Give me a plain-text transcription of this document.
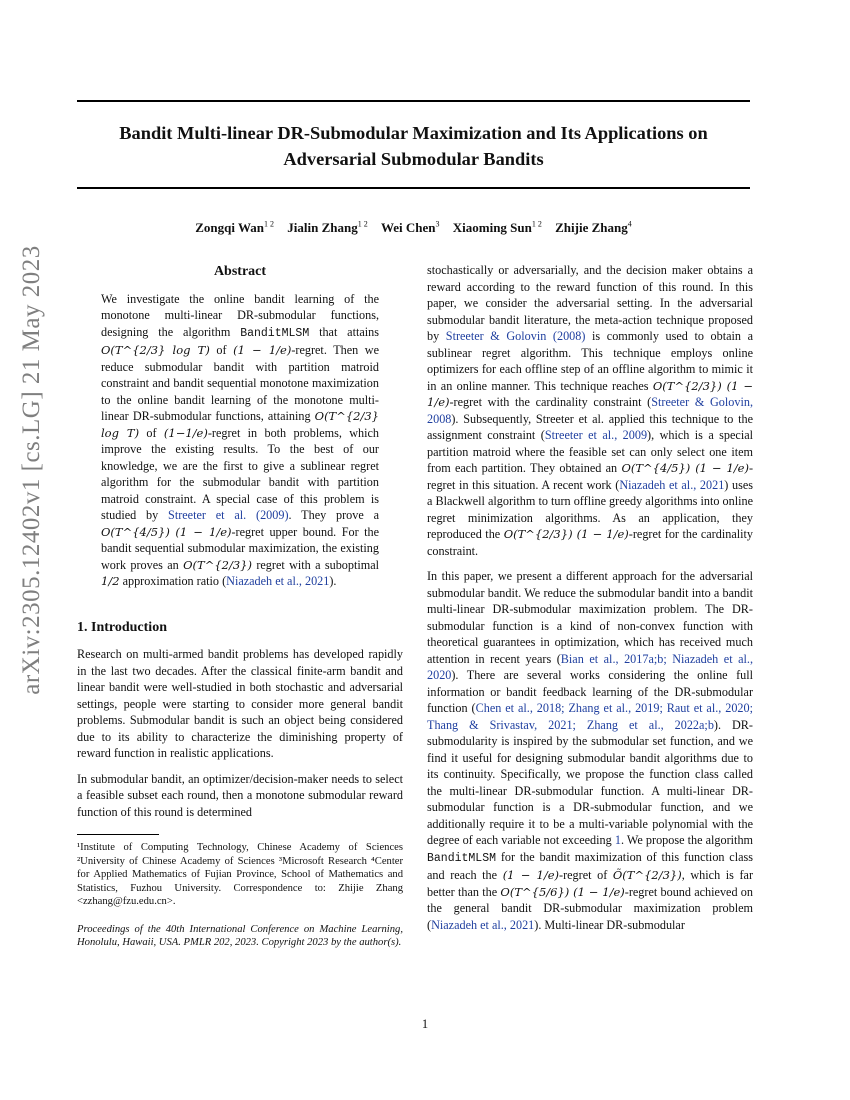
Bandit Multi-linear DR-Submodular Maximization and Its Applications on Adversarial Submodular Bandits
Zongqi Wan$^{1 2}$ Jialin Zhang$^{1 2}$ Wei Chen$^3$ Xiaoming Sun$^{1 2}$ Zhijie Zhang$^4$
arXiv:2305.12402v1 [cs.LG] 21 May 2023	Abstract
We investigate the online bandit learning of the monotone multi-linear DR-submodular functions, designing the algorithm BanditMLSM that attains O(T^{2/3} log T) of (1 − 1/e)-regret. Then we reduce submodular bandit with partition matroid constraint and bandit sequential monotone maximization to the online bandit learning of the monotone multi-linear DR-submodular functions, attaining O(T^{2/3} log T) of (1−1/e)-regret in both problems, which improve the existing results. To the best of our knowledge, we are the first to give a sublinear regret algorithm for the submodular bandit with partition matroid constraint. A special case of this problem is studied by Streeter et al. (2009). They prove a O(T^{4/5}) (1 − 1/e)-regret upper bound. For the bandit sequential submodular maximization, the existing work proves an O(T^{2/3}) regret with a suboptimal 1/2 approximation ratio (Niazadeh et al., 2021).
1. Introduction

Research on multi-armed bandit problems has developed rapidly in the last two decades. After the classical finite-arm bandit and linear bandit were well-studied in both stochastic and adversarial settings, people were starting to consider more general bandit problems. Submodular bandit is such an object being considered due to its ability to characterize the diminishing property of reward function in realistic applications.

In submodular bandit, an optimizer/decision-maker needs to select a feasible subset each round, then a monotone submodular reward function of this round is determined

¹Institute of Computing Technology, Chinese Academy of Sciences ²University of Chinese Academy of Sciences ³Microsoft Research ⁴Center for Applied Mathematics of Fujian Province, School of Mathematics and Statistics, Fuzhou University. Correspondence to: Zhijie Zhang <zzhang@fzu.edu.cn>.
Proceedings of the 40th International Conference on Machine Learning, Honolulu, Hawaii, USA. PMLR 202, 2023. Copyright 2023 by the author(s).

stochastically or adversarially, and the decision maker obtains a reward according to the reward function of this round. In this paper, we consider the adversarial setting. In the adversarial submodular bandit literature, the meta-action technique proposed by Streeter & Golovin (2008) is commonly used to obtain a sublinear regret algorithm. This technique employs online optimizers for each offline step of an offline algorithm to mimic it in an online manner. This technique reaches O(T^{2/3}) (1 − 1/e)-regret with the cardinality constraint (Streeter & Golovin, 2008). Subsequently, Streeter et al. applied this technique to the assignment constraint (Streeter et al., 2009), which is a special partition matroid where the feasible set can only select one item from each partition. They obtained an O(T^{4/5}) (1 − 1/e)-regret in this situation. A recent work (Niazadeh et al., 2021) uses a Blackwell algorithm to turn offline greedy algorithms into online regret minimization algorithms. As an application, they reproduced the O(T^{2/3}) (1 − 1/e)-regret for the cardinality constraint.

In this paper, we present a different approach for the adversarial submodular bandit. We reduce the submodular bandit into a bandit multi-linear DR-submodular maximization problem. The DR-submodular function is a kind of non-convex function with theoretical guarantees in optimization, which has received much attention in recent years (Bian et al., 2017a;b; Niazadeh et al., 2020). There are several works considering the online full information or bandit feedback learning of the DR-submodular function (Chen et al., 2018; Zhang et al., 2019; Raut et al., 2020; Thang & Srivastav, 2021; Zhang et al., 2022a;b). DR-submodularity is inspired by the submodular set function, and we find it useful for designing submodular bandit algorithms due to its continuity. Specifically, we propose the function class called the multi-linear DR-submodular function. A multi-linear DR-submodular function is a DR-submodular function, and we additionally require it to be a multi-variable polynomial with the degree of each variable not exceeding 1. We propose the algorithm BanditMLSM for the bandit maximization of this function class and reach the (1 − 1/e)-regret of Õ(T^{2/3}), which is far better than the O(T^{5/6}) (1 − 1/e)-regret bound achieved on the general bandit DR-submodular maximization problem (Niazadeh et al., 2021). Multi-linear DR-submodular

1
